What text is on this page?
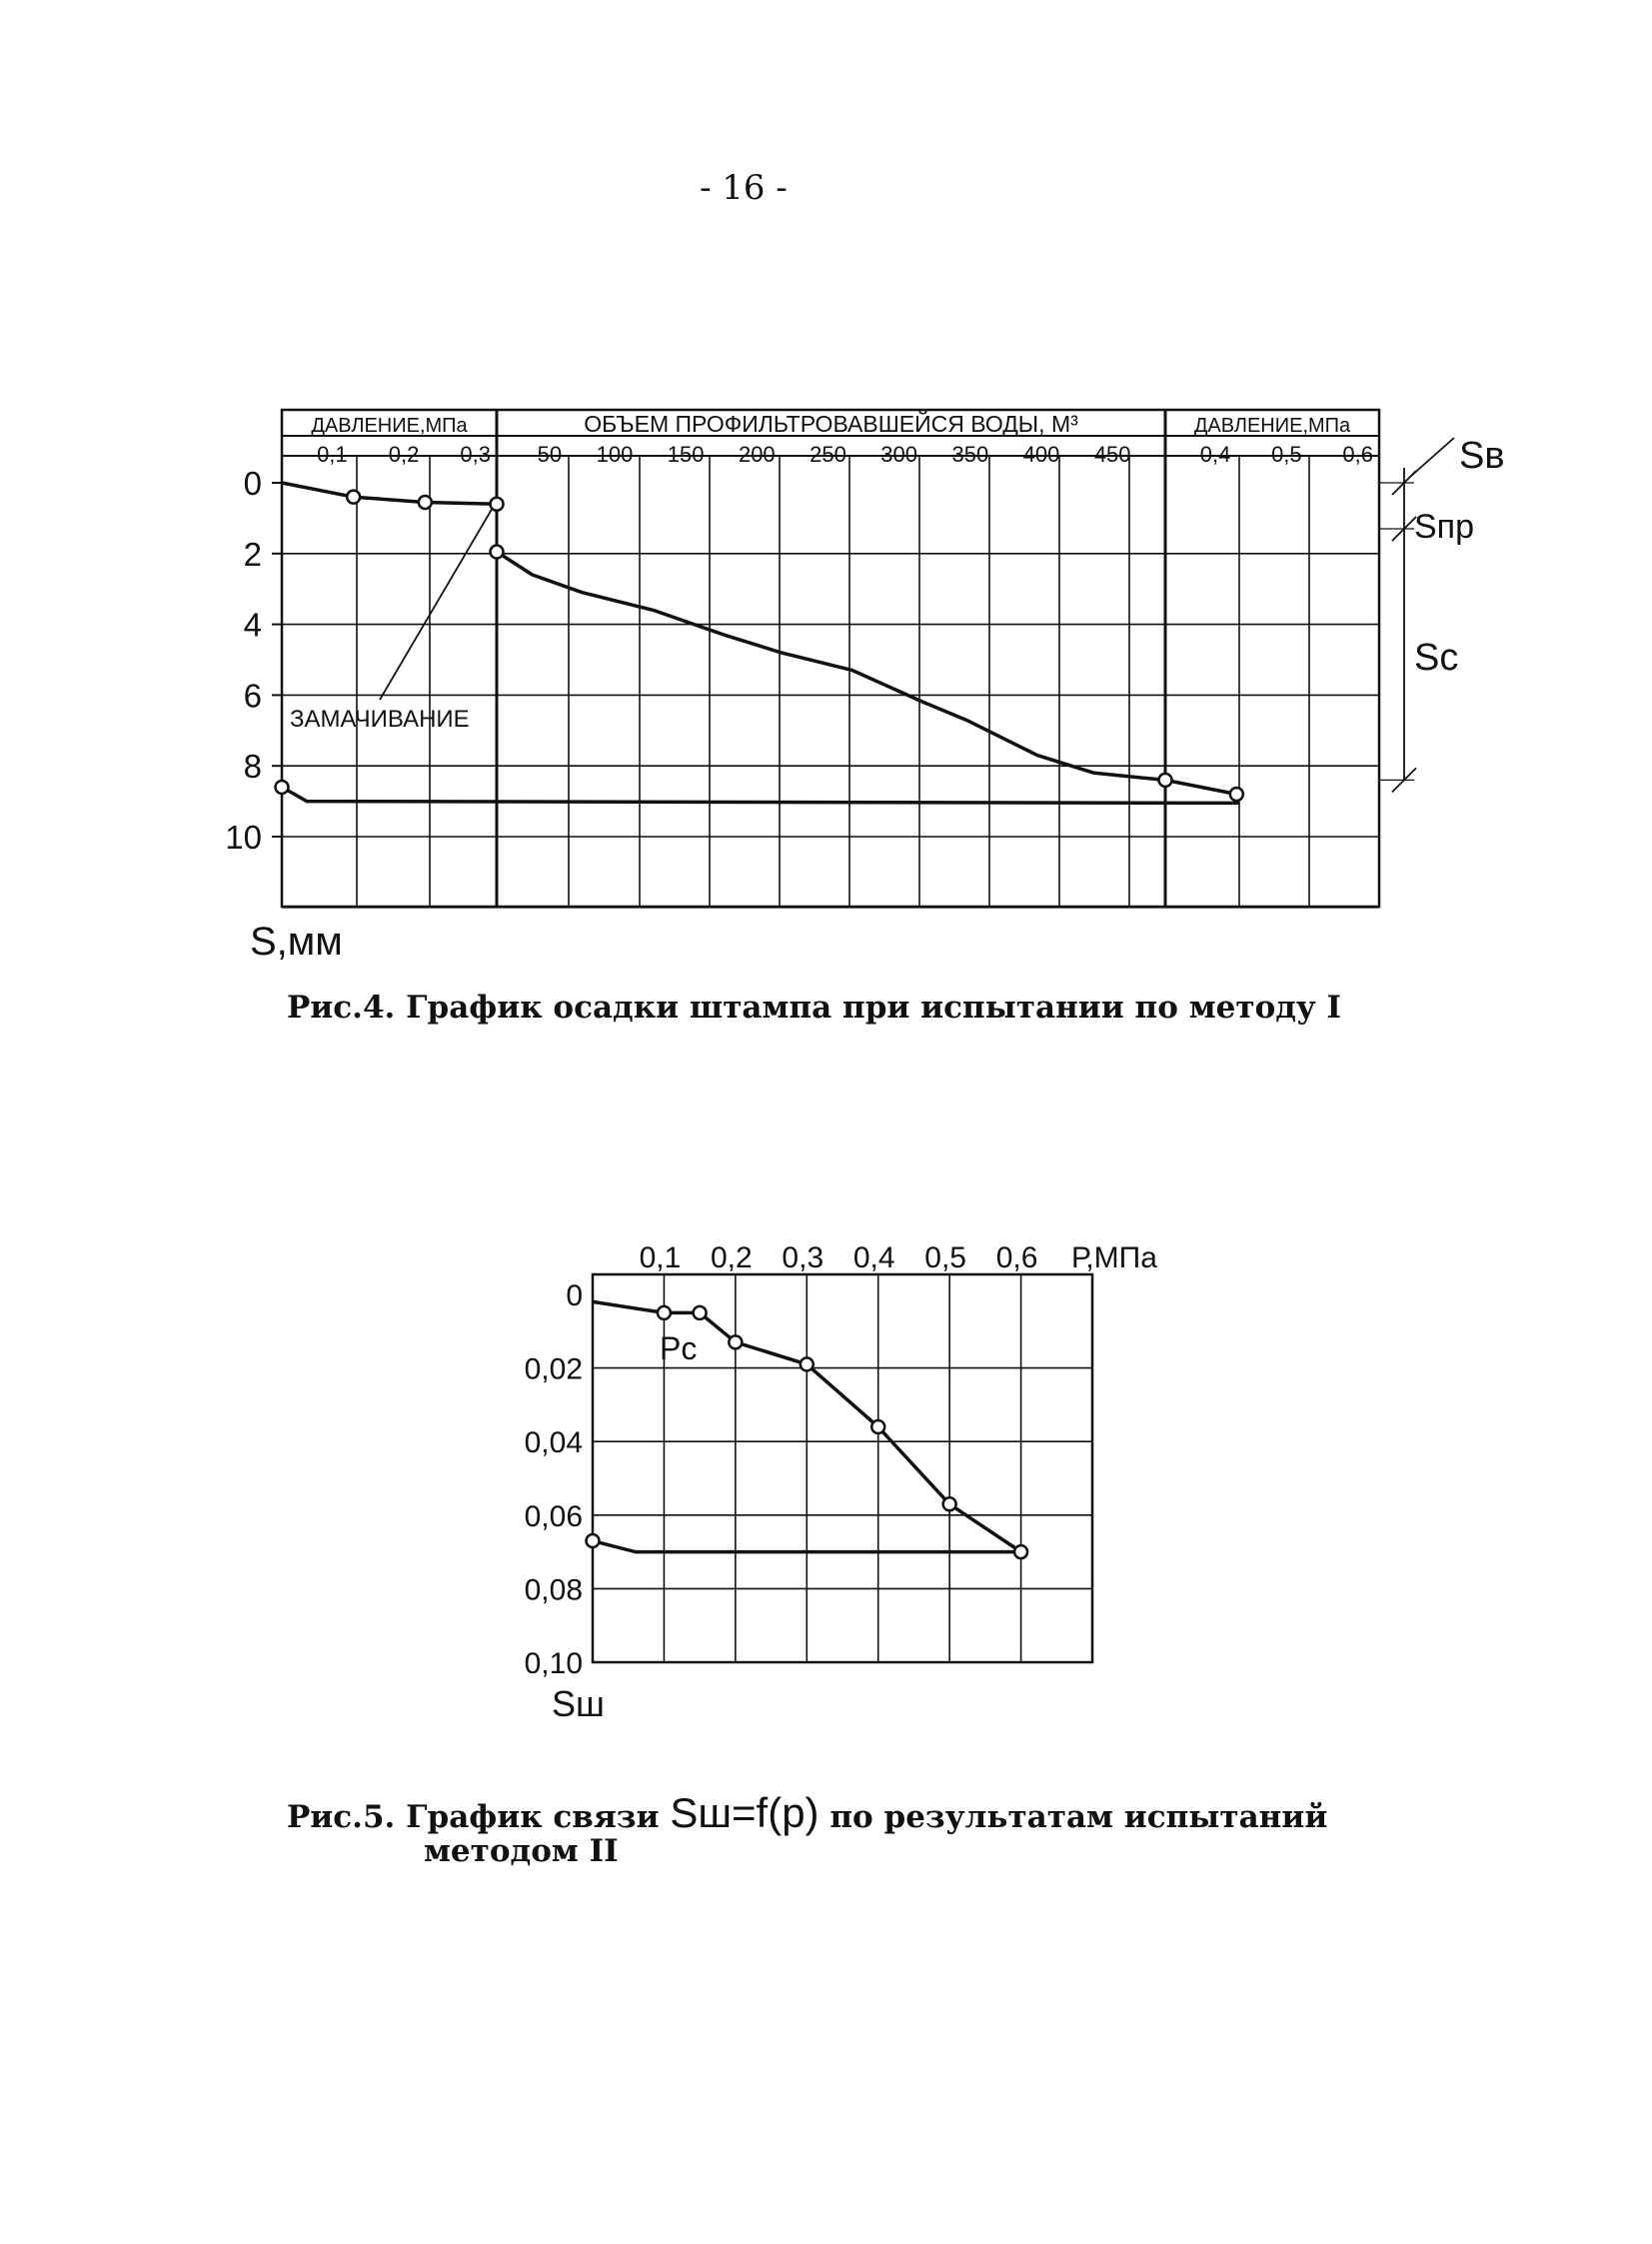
- 16 -
0
2
4
6
8
10
S,мм
ДАВЛЕНИЕ,МПа	ОБЪЕМ ПРОФИЛЬТРОВАВШЕЙСЯ ВОДЫ, М³	ДАВЛЕНИЕ,МПа
0,1 0,2 0,3 50 100 150 200 250 300 350 400 450	0,4 0,5 0,6
ЗАМАЧИВАНИЕ
Sв
Sпр
Sc
Рис.4. График осадки штампа при испытании по методу I
0,1 0,2 0,3 0,4 0,5 0,6 Р,МПа
0
0,02
0,04
0,06
0,08
0,10
Sш
Рс
Рис.5. График связи Sш=f(p) по результатам испытаний
методом II
